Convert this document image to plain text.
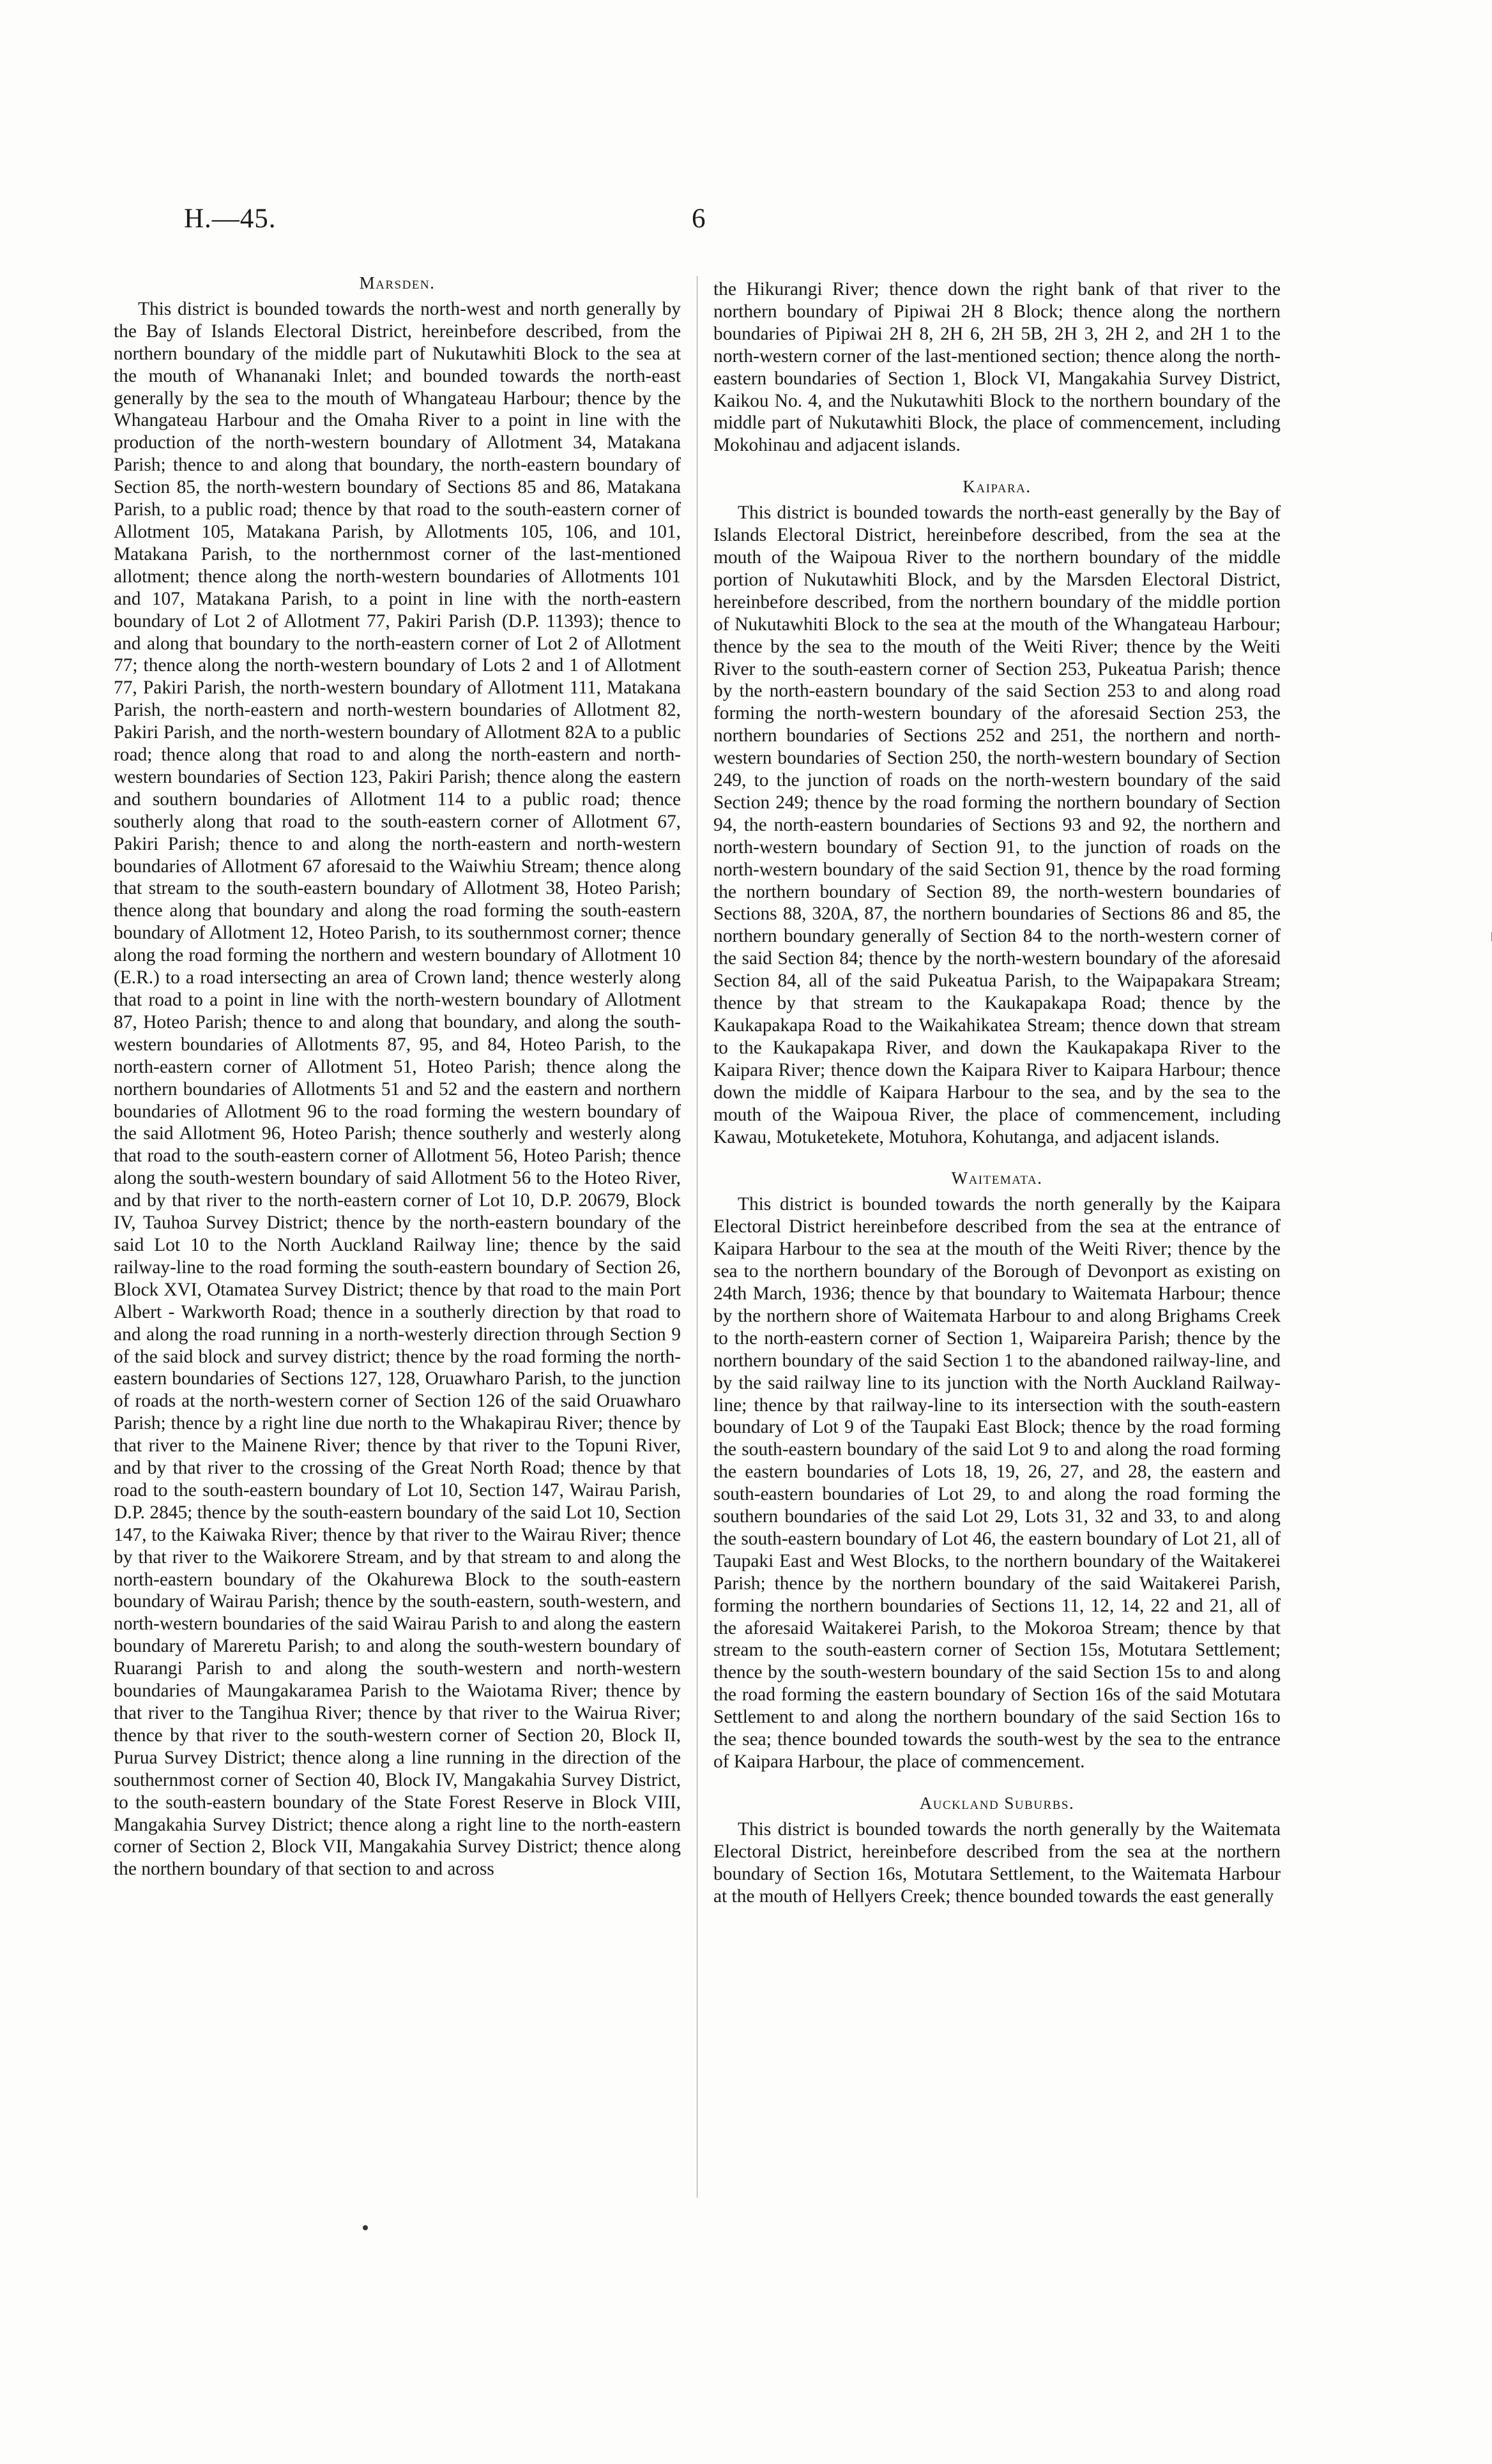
H.—45.	6
Marsden.

This district is bounded towards the north-west and north generally by the Bay of Islands Electoral District, hereinbefore described, from the northern boundary of the middle part of Nukutawhiti Block to the sea at the mouth of Whananaki Inlet; and bounded towards the north-east generally by the sea to the mouth of Whangateau Harbour; thence by the Whangateau Harbour and the Omaha River to a point in line with the production of the north-western boundary of Allotment 34, Matakana Parish; thence to and along that boundary, the north-eastern boundary of Section 85, the north-western boundary of Sections 85 and 86, Matakana Parish, to a public road; thence by that road to the south-eastern corner of Allotment 105, Matakana Parish, by Allotments 105, 106, and 101, Matakana Parish, to the northernmost corner of the last-mentioned allotment; thence along the north-western boundaries of Allotments 101 and 107, Matakana Parish, to a point in line with the north-eastern boundary of Lot 2 of Allotment 77, Pakiri Parish (D.P. 11393); thence to and along that boundary to the north-eastern corner of Lot 2 of Allotment 77; thence along the north-western boundary of Lots 2 and 1 of Allotment 77, Pakiri Parish, the north-western boundary of Allotment 111, Matakana Parish, the north-eastern and north-western boundaries of Allotment 82, Pakiri Parish, and the north-western boundary of Allotment 82A to a public road; thence along that road to and along the north-eastern and north-western boundaries of Section 123, Pakiri Parish; thence along the eastern and southern boundaries of Allotment 114 to a public road; thence southerly along that road to the south-eastern corner of Allotment 67, Pakiri Parish; thence to and along the north-eastern and north-western boundaries of Allotment 67 aforesaid to the Waiwhiu Stream; thence along that stream to the south-eastern boundary of Allotment 38, Hoteo Parish; thence along that boundary and along the road forming the south-eastern boundary of Allotment 12, Hoteo Parish, to its southernmost corner; thence along the road forming the northern and western boundary of Allotment 10 (E.R.) to a road intersecting an area of Crown land; thence westerly along that road to a point in line with the north-western boundary of Allotment 87, Hoteo Parish; thence to and along that boundary, and along the south-western boundaries of Allotments 87, 95, and 84, Hoteo Parish, to the north-eastern corner of Allotment 51, Hoteo Parish; thence along the northern boundaries of Allotments 51 and 52 and the eastern and northern boundaries of Allotment 96 to the road forming the western boundary of the said Allotment 96, Hoteo Parish; thence southerly and westerly along that road to the south-eastern corner of Allotment 56, Hoteo Parish; thence along the south-western boundary of said Allotment 56 to the Hoteo River, and by that river to the north-eastern corner of Lot 10, D.P. 20679, Block IV, Tauhoa Survey District; thence by the north-eastern boundary of the said Lot 10 to the North Auckland Railway line; thence by the said railway-line to the road forming the south-eastern boundary of Section 26, Block XVI, Otamatea Survey District; thence by that road to the main Port Albert - Warkworth Road; thence in a southerly direction by that road to and along the road running in a north-westerly direction through Section 9 of the said block and survey district; thence by the road forming the north-eastern boundaries of Sections 127, 128, Oruawharo Parish, to the junction of roads at the north-western corner of Section 126 of the said Oruawharo Parish; thence by a right line due north to the Whakapirau River; thence by that river to the Mainene River; thence by that river to the Topuni River, and by that river to the crossing of the Great North Road; thence by that road to the south-eastern boundary of Lot 10, Section 147, Wairau Parish, D.P. 2845; thence by the south-eastern boundary of the said Lot 10, Section 147, to the Kaiwaka River; thence by that river to the Wairau River; thence by that river to the Waikorere Stream, and by that stream to and along the north-eastern boundary of the Okahurewa Block to the south-eastern boundary of Wairau Parish; thence by the south-eastern, south-western, and north-western boundaries of the said Wairau Parish to and along the eastern boundary of Mareretu Parish; to and along the south-western boundary of Ruarangi Parish to and along the south-western and north-western boundaries of Maungakaramea Parish to the Waiotama River; thence by that river to the Tangihua River; thence by that river to the Wairua River; thence by that river to the south-western corner of Section 20, Block II, Purua Survey District; thence along a line running in the direction of the southernmost corner of Section 40, Block IV, Mangakahia Survey District, to the south-eastern boundary of the State Forest Reserve in Block VIII, Mangakahia Survey District; thence along a right line to the north-eastern corner of Section 2, Block VII, Mangakahia Survey District; thence along the northern boundary of that section to and across

the Hikurangi River; thence down the right bank of that river to the northern boundary of Pipiwai 2H 8 Block; thence along the northern boundaries of Pipiwai 2H 8, 2H 6, 2H 5B, 2H 3, 2H 2, and 2H 1 to the north-western corner of the last-mentioned section; thence along the north-eastern boundaries of Section 1, Block VI, Mangakahia Survey District, Kaikou No. 4, and the Nukutawhiti Block to the northern boundary of the middle part of Nukutawhiti Block, the place of commencement, including Mokohinau and adjacent islands.

Kaipara.

This district is bounded towards the north-east generally by the Bay of Islands Electoral District, hereinbefore described, from the sea at the mouth of the Waipoua River to the northern boundary of the middle portion of Nukutawhiti Block, and by the Marsden Electoral District, hereinbefore described, from the northern boundary of the middle portion of Nukutawhiti Block to the sea at the mouth of the Whangateau Harbour; thence by the sea to the mouth of the Weiti River; thence by the Weiti River to the south-eastern corner of Section 253, Pukeatua Parish; thence by the north-eastern boundary of the said Section 253 to and along road forming the north-western boundary of the aforesaid Section 253, the northern boundaries of Sections 252 and 251, the northern and north-western boundaries of Section 250, the north-western boundary of Section 249, to the junction of roads on the north-western boundary of the said Section 249; thence by the road forming the northern boundary of Section 94, the north-eastern boundaries of Sections 93 and 92, the northern and north-western boundary of Section 91, to the junction of roads on the north-western boundary of the said Section 91, thence by the road forming the northern boundary of Section 89, the north-western boundaries of Sections 88, 320A, 87, the northern boundaries of Sections 86 and 85, the northern boundary generally of Section 84 to the north-western corner of the said Section 84; thence by the north-western boundary of the aforesaid Section 84, all of the said Pukeatua Parish, to the Waipapakara Stream; thence by that stream to the Kaukapakapa Road; thence by the Kaukapakapa Road to the Waikahikatea Stream; thence down that stream to the Kaukapakapa River, and down the Kaukapakapa River to the Kaipara River; thence down the Kaipara River to Kaipara Harbour; thence down the middle of Kaipara Harbour to the sea, and by the sea to the mouth of the Waipoua River, the place of commencement, including Kawau, Motuketekete, Motuhora, Kohutanga, and adjacent islands.

Waitemata.

This district is bounded towards the north generally by the Kaipara Electoral District hereinbefore described from the sea at the entrance of Kaipara Harbour to the sea at the mouth of the Weiti River; thence by the sea to the northern boundary of the Borough of Devonport as existing on 24th March, 1936; thence by that boundary to Waitemata Harbour; thence by the northern shore of Waitemata Harbour to and along Brighams Creek to the north-eastern corner of Section 1, Waipareira Parish; thence by the northern boundary of the said Section 1 to the abandoned railway-line, and by the said railway line to its junction with the North Auckland Railway-line; thence by that railway-line to its intersection with the south-eastern boundary of Lot 9 of the Taupaki East Block; thence by the road forming the south-eastern boundary of the said Lot 9 to and along the road forming the eastern boundaries of Lots 18, 19, 26, 27, and 28, the eastern and south-eastern boundaries of Lot 29, to and along the road forming the southern boundaries of the said Lot 29, Lots 31, 32 and 33, to and along the south-eastern boundary of Lot 46, the eastern boundary of Lot 21, all of Taupaki East and West Blocks, to the northern boundary of the Waitakerei Parish; thence by the northern boundary of the said Waitakerei Parish, forming the northern boundaries of Sections 11, 12, 14, 22 and 21, all of the aforesaid Waitakerei Parish, to the Mokoroa Stream; thence by that stream to the south-eastern corner of Section 15s, Motutara Settlement; thence by the south-western boundary of the said Section 15s to and along the road forming the eastern boundary of Section 16s of the said Motutara Settlement to and along the northern boundary of the said Section 16s to the sea; thence bounded towards the south-west by the sea to the entrance of Kaipara Harbour, the place of commencement.

Auckland Suburbs.

This district is bounded towards the north generally by the Waitemata Electoral District, hereinbefore described from the sea at the northern boundary of Section 16s, Motutara Settlement, to the Waitemata Harbour at the mouth of Hellyers Creek; thence bounded towards the east generally
